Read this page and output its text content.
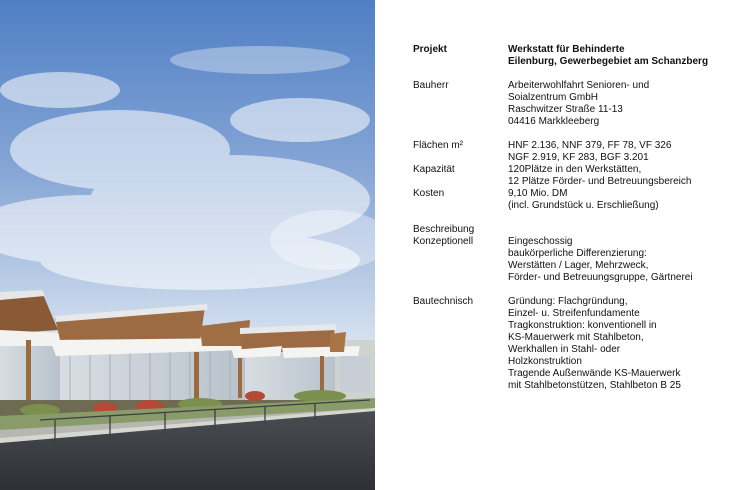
Projekt	Werkstatt für Behinderte
Eilenburg, Gewerbegebiet am Schanzberg
Bauherr	Arbeiterwohlfahrt Senioren- und
Soialzentrum GmbH
Raschwitzer Straße 11-13
04416 Markkleeberg
Flächen m²	HNF 2.136, NNF 379, FF 78, VF 326
NGF 2.919, KF 283, BGF 3.201
Kapazität	120Plätze in den Werkstätten,
12 Plätze Förder- und Betreuungsbereich
Kosten	9,10 Mio. DM
(incl. Grundstück u. Erschließung)
Beschreibung

Konzeptionell	Eingeschossig
baukörperliche Differenzierung:
Werstätten / Lager, Mehrzweck,
Förder- und Betreuungsgruppe, Gärtnerei
Bautechnisch	Gründung: Flachgründung,
Einzel- u. Streifenfundamente
Tragkonstruktion: konventionell in
KS-Mauerwerk mit Stahlbeton,
Werkhallen in Stahl- oder
Holzkonstruktion
Tragende Außenwände KS-Mauerwerk
mit Stahlbetonstützen, Stahlbeton B 25
